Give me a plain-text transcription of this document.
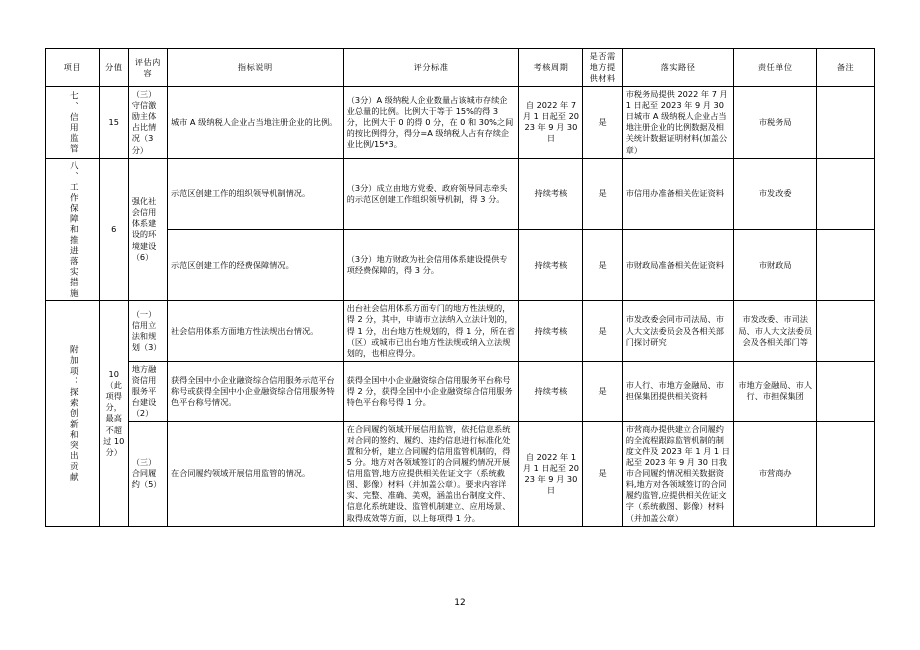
项目	分值	评估内容	指标说明	评分标准	考核周期	是否需地方提供材料	落实路径	责任单位	备注

七、信用监管	15	（三）守信激励主体占比情况（3分）	城市 A 级纳税人企业占当地注册企业的比例。	（3分）A 级纳税人企业数量占该城市存续企业总量的比例。比例大于等于 15%的得 3 分，比例大于 0 的得 0 分，在 0 和 30%之间的按比例得分，得分=A 级纳税人占有存续企业比例/15*3。	自 2022 年 7月 1 日起至 2023 年 9 月 30 日	是	市税务局提供 2022 年 7 月 1 日起至 2023 年 9 月 30 日城市 A 级纳税人企业占当地注册企业的比例数据及相关统计数据证明材料(加盖公章）	市税务局	

八、工作保障和推进落实措施	6	强化社会信用体系建设的环境建设（6）	示范区创建工作的组织领导机制情况。	（3分）成立由地方党委、政府领导同志牵头的示范区创建工作组织领导机制，得 3 分。	持续考核	是	市信用办准备相关佐证资料	市发改委	
			示范区创建工作的经费保障情况。	（3分）地方财政为社会信用体系建设提供专项经费保障的，得 3 分。	持续考核	是	市财政局准备相关佐证资料	市财政局	

附加项：探索创新和突出贡献	10（此项得分，最高不超过 10 分）	（一）信用立法和规划（3）	社会信用体系方面地方性法规出台情况。	出台社会信用体系方面专门的地方性法规的，得 2 分，其中，申请市立法纳入立法计划的，得 1 分，出台地方性规划的，得 1 分，所在省（区）或城市已出台地方性法规或纳入立法规划的，也相应得分。	持续考核	是	市发改委会同市司法局、市人大文法委员会及各相关部门探讨研究	市发改委、市司法局、市人大文法委员会及各相关部门等	
		地方融资信用服务平台建设（2）	获得全国中小企业融资综合信用服务示范平台称号或获得全国中小企业融资综合信用服务特色平台称号情况。	获得全国中小企业融资综合信用服务平台称号得 2 分，获得全国中小企业融资综合信用服务特色平台称号得 1 分。	持续考核	是	市人行、市地方金融局、市担保集团提供相关资料	市地方金融局、市人行、市担保集团	
		（三）合同履约（5）	在合同履约领域开展信用监管的情况。	在合同履约领域开展信用监管，依托信息系统对合同的签约、履约、违约信息进行标准化处置和分析，建立合同履约信用监管机制的，得 5 分。地方对各领域签订的合同履约情况开展信用监管,地方应提供相关佐证文字（系统截图、影像）材料（并加盖公章）。要求内容详实、完整、准确、美观，涵盖出台制度文件、信息化系统建设、监管机制建立、应用场景、取得成效等方面，以上每项得 1 分。	自 2022 年 1月 1 日起至 2023 年 9 月 30 日	是	市营商办提供建立合同履约的全流程跟踪监管机制的制度文件及 2023 年 1 月 1 日起至 2023 年 9 月 30 日我市合同履约情况相关数据资料,地方对各领域签订的合同履约监管,应提供相关佐证文字（系统截图、影像）材料（并加盖公章）	市营商办	
12
